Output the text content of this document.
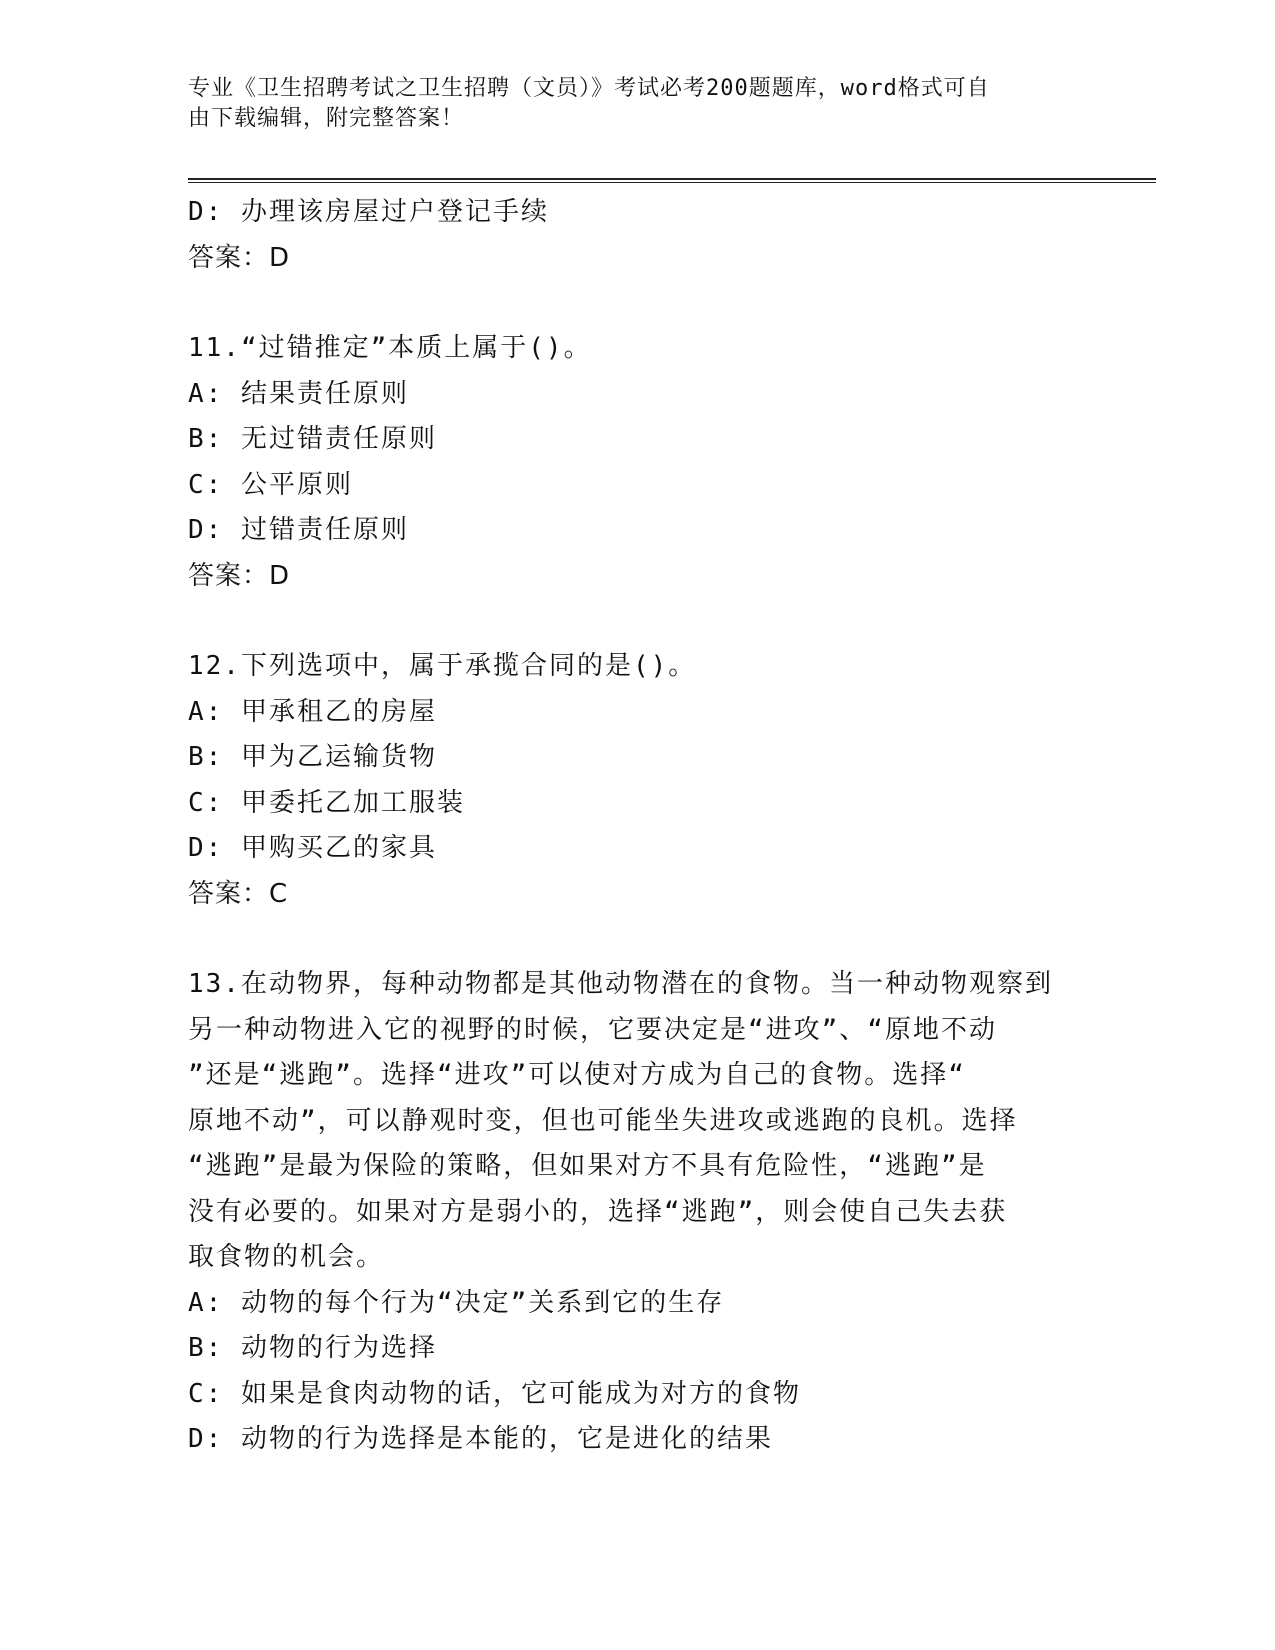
专业《卫生招聘考试之卫生招聘（文员）》考试必考200题题库，word格式可自
由下载编辑，附完整答案！
D: 办理该房屋过户登记手续
答案：D
11.“过错推定”本质上属于()。
A: 结果责任原则
B: 无过错责任原则
C: 公平原则
D: 过错责任原则
答案：D
12.下列选项中，属于承揽合同的是()。
A: 甲承租乙的房屋
B: 甲为乙运输货物
C: 甲委托乙加工服装
D: 甲购买乙的家具
答案：C
13.在动物界，每种动物都是其他动物潜在的食物。当一种动物观察到
另一种动物进入它的视野的时候，它要决定是“进攻”、“原地不动
”还是“逃跑”。选择“进攻”可以使对方成为自己的食物。选择“
原地不动”，可以静观时变，但也可能坐失进攻或逃跑的良机。选择
“逃跑”是最为保险的策略，但如果对方不具有危险性，“逃跑”是
没有必要的。如果对方是弱小的，选择“逃跑”，则会使自己失去获
取食物的机会。
A: 动物的每个行为“决定”关系到它的生存
B: 动物的行为选择
C: 如果是食肉动物的话，它可能成为对方的食物
D: 动物的行为选择是本能的，它是进化的结果
